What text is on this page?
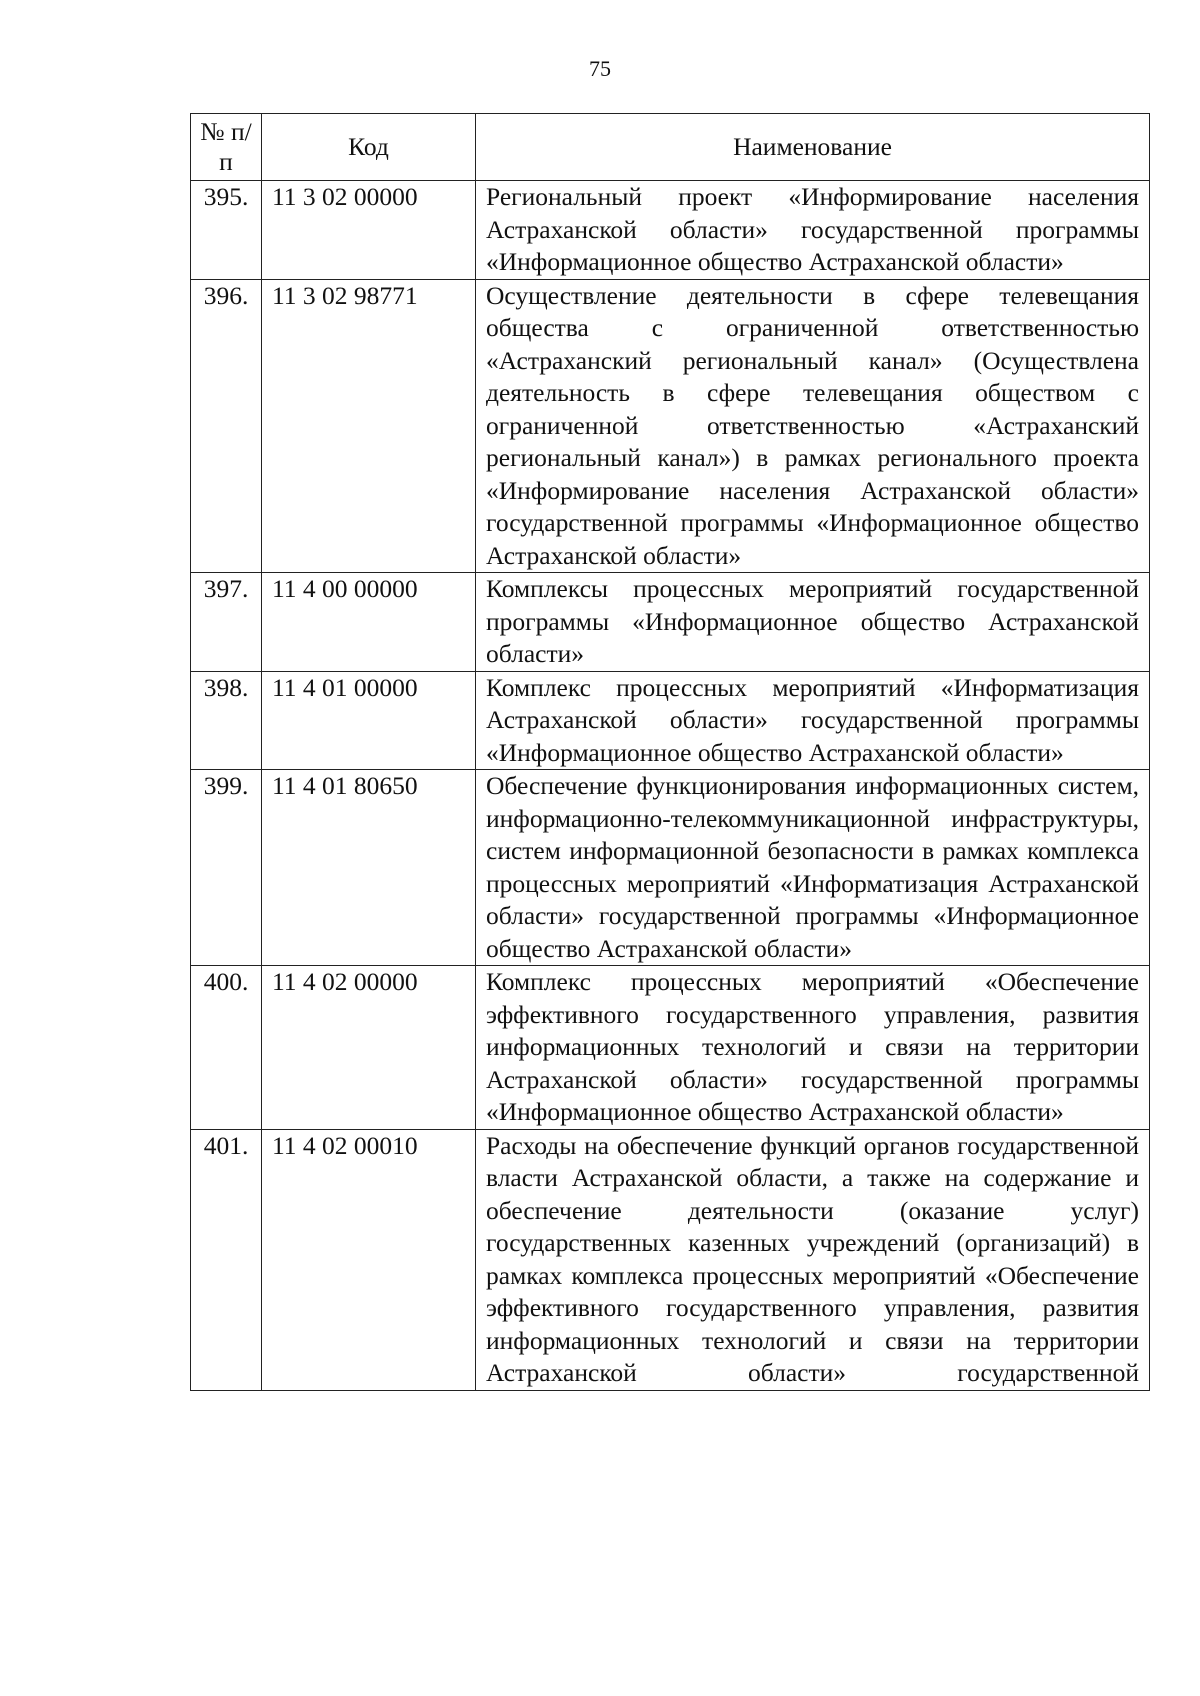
75
№ п/п	Код	Наименование
395.	11 3 02 00000	Региональный проект «Информирование населения Астраханской области» государственной программы «Информационное общество Астраханской области»
396.	11 3 02 98771	Осуществление деятельности в сфере телевещания общества с ограниченной ответственностью «Астраханский региональный канал» (Осуществлена деятельность в сфере телевещания обществом с ограниченной ответственностью «Астраханский региональный канал») в рамках регионального проекта «Информирование населения Астраханской области» государственной программы «Информационное общество Астраханской области»
397.	11 4 00 00000	Комплексы процессных мероприятий государственной программы «Информационное общество Астраханской области»
398.	11 4 01 00000	Комплекс процессных мероприятий «Информатизация Астраханской области» государственной программы «Информационное общество Астраханской области»
399.	11 4 01 80650	Обеспечение функционирования информационных систем, информационно-телекоммуникационной инфраструктуры, систем информационной безопасности в рамках комплекса процессных мероприятий «Информатизация Астраханской области» государственной программы «Информационное общество Астраханской области»
400.	11 4 02 00000	Комплекс процессных мероприятий «Обеспечение эффективного государственного управления, развития информационных технологий и связи на территории Астраханской области» государственной программы «Информационное общество Астраханской области»
401.	11 4 02 00010	Расходы на обеспечение функций органов государственной власти Астраханской области, а также на содержание и обеспечение деятельности (оказание услуг) государственных казенных учреждений (организаций) в рамках комплекса процессных мероприятий «Обеспечение эффективного государственного управления, развития информационных технологий и связи на территории Астраханской области» государственной
